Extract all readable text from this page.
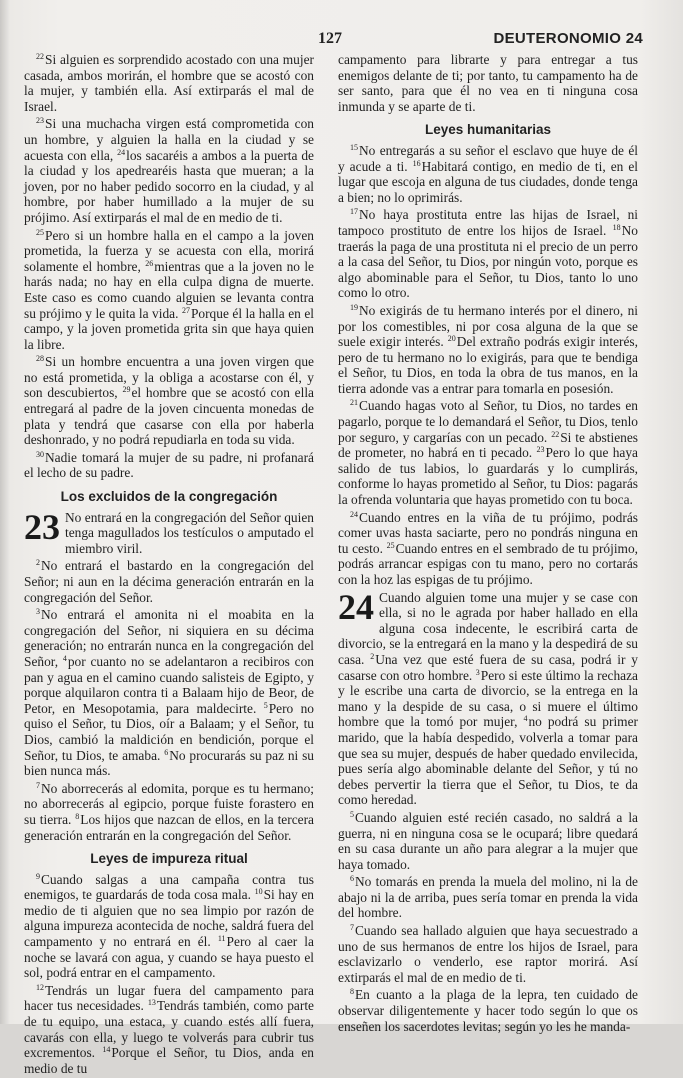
127	DEUTERONOMIO 24

$^{22}$Si alguien es sorprendido acostado con una mujer casada, ambos morirán, el hombre que se acostó con la mujer, y también ella. Así extirparás el mal de Israel.

$^{23}$Si una muchacha virgen está comprometida con un hombre, y alguien la halla en la ciudad y se acuesta con ella, $^{24}$los sacaréis a ambos a la puerta de la ciudad y los apedrearéis hasta que mueran; a la joven, por no haber pedido socorro en la ciudad, y al hombre, por haber humillado a la mujer de su prójimo. Así extirparás el mal de en medio de ti.

$^{25}$Pero si un hombre halla en el campo a la joven prometida, la fuerza y se acuesta con ella, morirá solamente el hombre, $^{26}$mientras que a la joven no le harás nada; no hay en ella culpa digna de muerte. Este caso es como cuando alguien se levanta contra su prójimo y le quita la vida. $^{27}$Porque él la halla en el campo, y la joven prometida grita sin que haya quien la libre.

$^{28}$Si un hombre encuentra a una joven virgen que no está prometida, y la obliga a acostarse con él, y son descubiertos, $^{29}$el hombre que se acostó con ella entregará al padre de la joven cincuenta monedas de plata y tendrá que casarse con ella por haberla deshonrado, y no podrá repudiarla en toda su vida.

$^{30}$Nadie tomará la mujer de su padre, ni profanará el lecho de su padre.

Los excluidos de la congregación

23 No entrará en la congregación del Señor quien tenga magullados los testículos o amputado el miembro viril.

$^2$No entrará el bastardo en la congregación del Señor; ni aun en la décima generación entrarán en la congregación del Señor.

$^3$No entrará el amonita ni el moabita en la congregación del Señor, ni siquiera en su décima generación; no entrarán nunca en la congregación del Señor, $^4$por cuanto no se adelantaron a recibiros con pan y agua en el camino cuando salisteis de Egipto, y porque alquilaron contra ti a Balaam hijo de Beor, de Petor, en Mesopotamia, para maldecirte. $^5$Pero no quiso el Señor, tu Dios, oír a Balaam; y el Señor, tu Dios, cambió la maldición en bendición, porque el Señor, tu Dios, te amaba. $^6$No procurarás su paz ni su bien nunca más.

$^7$No aborrecerás al edomita, porque es tu hermano; no aborrecerás al egipcio, porque fuiste forastero en su tierra. $^8$Los hijos que nazcan de ellos, en la tercera generación entrarán en la congregación del Señor.

Leyes de impureza ritual

$^9$Cuando salgas a una campaña contra tus enemigos, te guardarás de toda cosa mala. $^{10}$Si hay en medio de ti alguien que no sea limpio por razón de alguna impureza acontecida de noche, saldrá fuera del campamento y no entrará en él. $^{11}$Pero al caer la noche se lavará con agua, y cuando se haya puesto el sol, podrá entrar en el campamento.

$^{12}$Tendrás un lugar fuera del campamento para hacer tus necesidades. $^{13}$Tendrás también, como parte de tu equipo, una estaca, y cuando estés allí fuera, cavarás con ella, y luego te volverás para cubrir tus excrementos. $^{14}$Porque el Señor, tu Dios, anda en medio de tu

campamento para librarte y para entregar a tus enemigos delante de ti; por tanto, tu campamento ha de ser santo, para que él no vea en ti ninguna cosa inmunda y se aparte de ti.

Leyes humanitarias

$^{15}$No entregarás a su señor el esclavo que huye de él y acude a ti. $^{16}$Habitará contigo, en medio de ti, en el lugar que escoja en alguna de tus ciudades, donde tenga a bien; no lo oprimirás.

$^{17}$No haya prostituta entre las hijas de Israel, ni tampoco prostituto de entre los hijos de Israel. $^{18}$No traerás la paga de una prostituta ni el precio de un perro a la casa del Señor, tu Dios, por ningún voto, porque es algo abominable para el Señor, tu Dios, tanto lo uno como lo otro.

$^{19}$No exigirás de tu hermano interés por el dinero, ni por los comestibles, ni por cosa alguna de la que se suele exigir interés. $^{20}$Del extraño podrás exigir interés, pero de tu hermano no lo exigirás, para que te bendiga el Señor, tu Dios, en toda la obra de tus manos, en la tierra adonde vas a entrar para tomarla en posesión.

$^{21}$Cuando hagas voto al Señor, tu Dios, no tardes en pagarlo, porque te lo demandará el Señor, tu Dios, tenlo por seguro, y cargarías con un pecado. $^{22}$Si te abstienes de prometer, no habrá en ti pecado. $^{23}$Pero lo que haya salido de tus labios, lo guardarás y lo cumplirás, conforme lo hayas prometido al Señor, tu Dios: pagarás la ofrenda voluntaria que hayas prometido con tu boca.

$^{24}$Cuando entres en la viña de tu prójimo, podrás comer uvas hasta saciarte, pero no pondrás ninguna en tu cesto. $^{25}$Cuando entres en el sembrado de tu prójimo, podrás arrancar espigas con tu mano, pero no cortarás con la hoz las espigas de tu prójimo.

24 Cuando alguien tome una mujer y se case con ella, si no le agrada por haber hallado en ella alguna cosa indecente, le escribirá carta de divorcio, se la entregará en la mano y la despedirá de su casa. $^2$Una vez que esté fuera de su casa, podrá ir y casarse con otro hombre. $^3$Pero si este último la rechaza y le escribe una carta de divorcio, se la entrega en la mano y la despide de su casa, o si muere el último hombre que la tomó por mujer, $^4$no podrá su primer marido, que la había despedido, volverla a tomar para que sea su mujer, después de haber quedado envilecida, pues sería algo abominable delante del Señor, y tú no debes pervertir la tierra que el Señor, tu Dios, te da como heredad.

$^5$Cuando alguien esté recién casado, no saldrá a la guerra, ni en ninguna cosa se le ocupará; libre quedará en su casa durante un año para alegrar a la mujer que haya tomado.

$^6$No tomarás en prenda la muela del molino, ni la de abajo ni la de arriba, pues sería tomar en prenda la vida del hombre.

$^7$Cuando sea hallado alguien que haya secuestrado a uno de sus hermanos de entre los hijos de Israel, para esclavizarlo o venderlo, ese raptor morirá. Así extirparás el mal de en medio de ti.

$^8$En cuanto a la plaga de la lepra, ten cuidado de observar diligentemente y hacer todo según lo que os enseñen los sacerdotes levitas; según yo les he manda-
